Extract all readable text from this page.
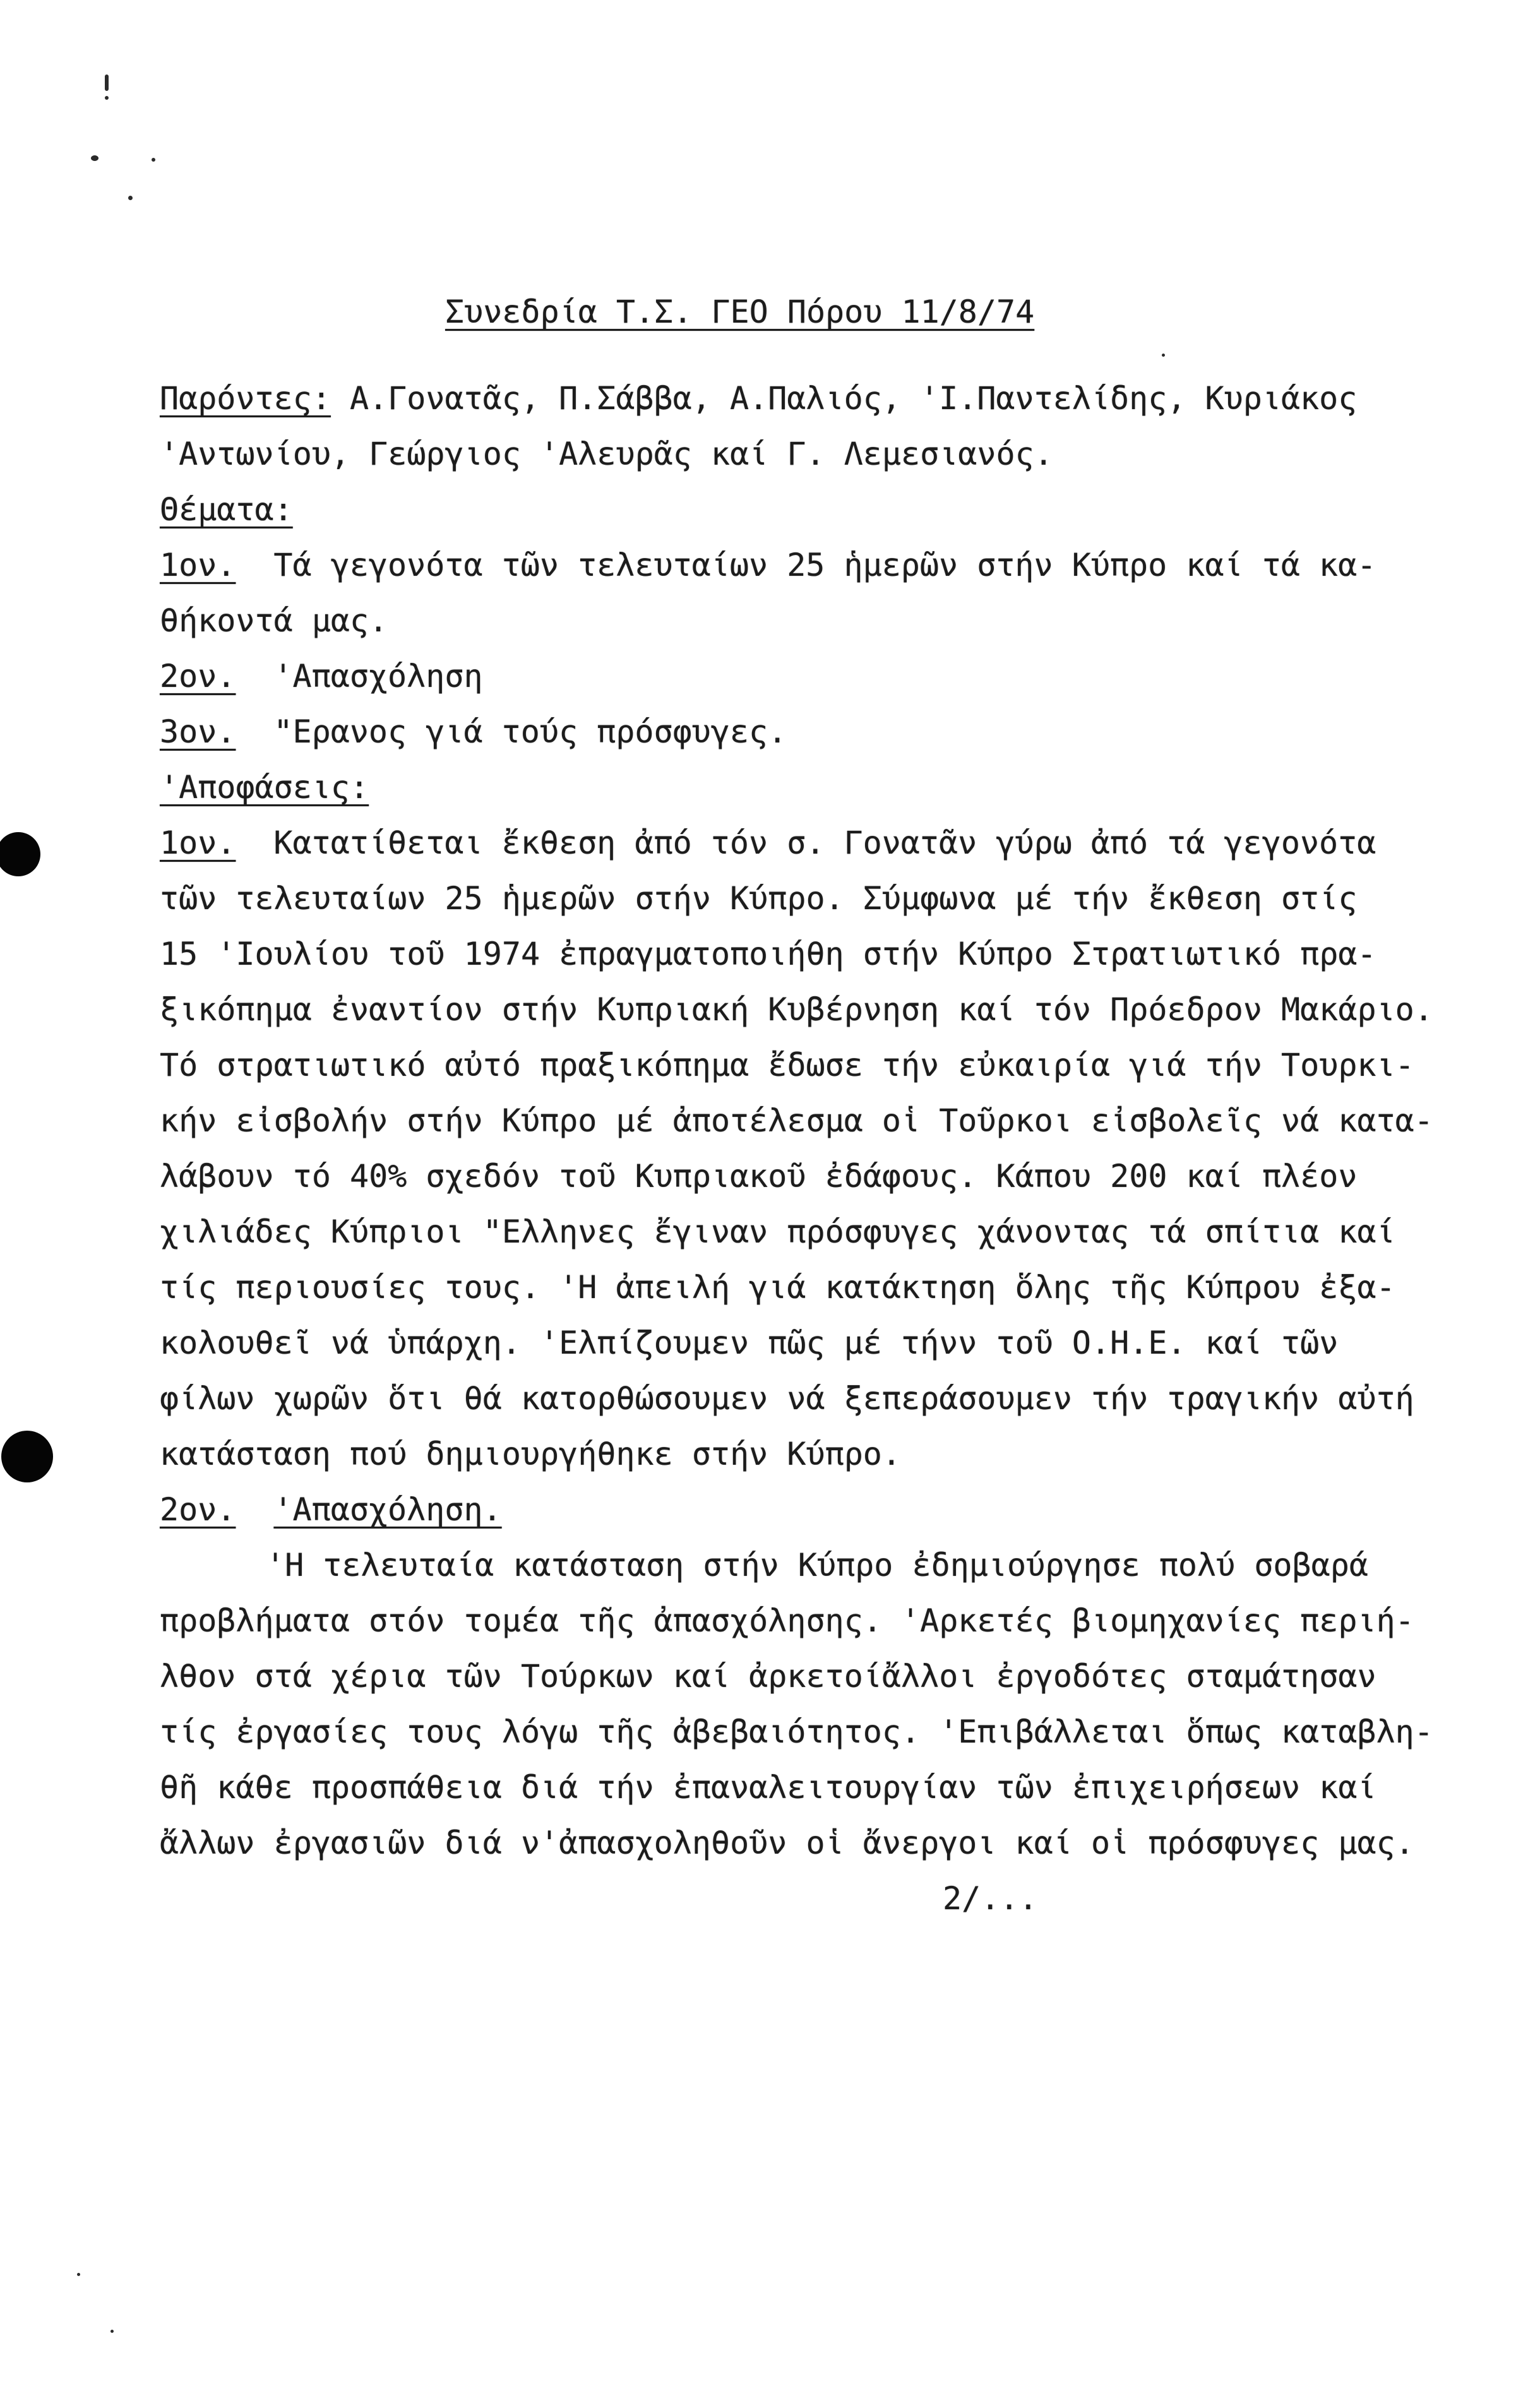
Συνεδρία Τ.Σ. ΓΕΟ Πόρου 11/8/74
Παρόντες: Α.Γονατᾶς, Π.Σάββα, Α.Παλιός, 'Ι.Παντελίδης, Κυριάκος
'Αντωνίου, Γεώργιος 'Αλευρᾶς καί Γ. Λεμεσιανός.
Θέματα:
1ον. Τά γεγονότα τῶν τελευταίων 25 ἡμερῶν στήν Κύπρο καί τά κα-
θήκοντά μας.
2ον. 'Απασχόληση
3ον. "Ερανος γιά τούς πρόσφυγες.
'Αποφάσεις:
1ον. Κατατίθεται ἔκθεση ἀπό τόν σ. Γονατᾶν γύρω ἀπό τά γεγονότα
τῶν τελευταίων 25 ἡμερῶν στήν Κύπρο. Σύμφωνα μέ τήν ἔκθεση στίς
15 'Ιουλίου τοῦ 1974 ἐπραγματοποιήθη στήν Κύπρο Στρατιωτικό πρα-
ξικόπημα ἐναντίον στήν Κυπριακή Κυβέρνηση καί τόν Πρόεδρον Μακάριο.
Τό στρατιωτικό αὐτό πραξικόπημα ἔδωσε τήν εὐκαιρία γιά τήν Τουρκι-
κήν εἰσβολήν στήν Κύπρο μέ ἀποτέλεσμα οἱ Τοῦρκοι εἰσβολεῖς νά κατα-
λάβουν τό 40% σχεδόν τοῦ Κυπριακοῦ ἐδάφους. Κάπου 200 καί πλέον
χιλιάδες Κύπριοι "Ελληνες ἔγιναν πρόσφυγες χάνοντας τά σπίτια καί
τίς περιουσίες τους. 'Η ἀπειλή γιά κατάκτηση ὅλης τῆς Κύπρου ἐξα-
κολουθεῖ νά ὑπάρχη. 'Ελπίζουμεν πῶς μέ τήνν τοῦ Ο.Η.Ε. καί τῶν
φίλων χωρῶν ὅτι θά κατορθώσουμεν νά ξεπεράσουμεν τήν τραγικήν αὐτή
κατάσταση πού δημιουργήθηκε στήν Κύπρο.
2ον. 'Απασχόληση.
'Η τελευταία κατάσταση στήν Κύπρο ἐδημιούργησε πολύ σοβαρά
προβλήματα στόν τομέα τῆς ἀπασχόλησης. 'Αρκετές βιομηχανίες περιή-
λθον στά χέρια τῶν Τούρκων καί ἀρκετοίἄλλοι ἐργοδότες σταμάτησαν
τίς ἐργασίες τους λόγω τῆς ἀβεβαιότητος. 'Επιβάλλεται ὅπως καταβλη-
θῆ κάθε προσπάθεια διά τήν ἐπαναλειτουργίαν τῶν ἐπιχειρήσεων καί
ἄλλων ἐργασιῶν διά ν'ἀπασχοληθοῦν οἱ ἄνεργοι καί οἱ πρόσφυγες μας.
2/...
